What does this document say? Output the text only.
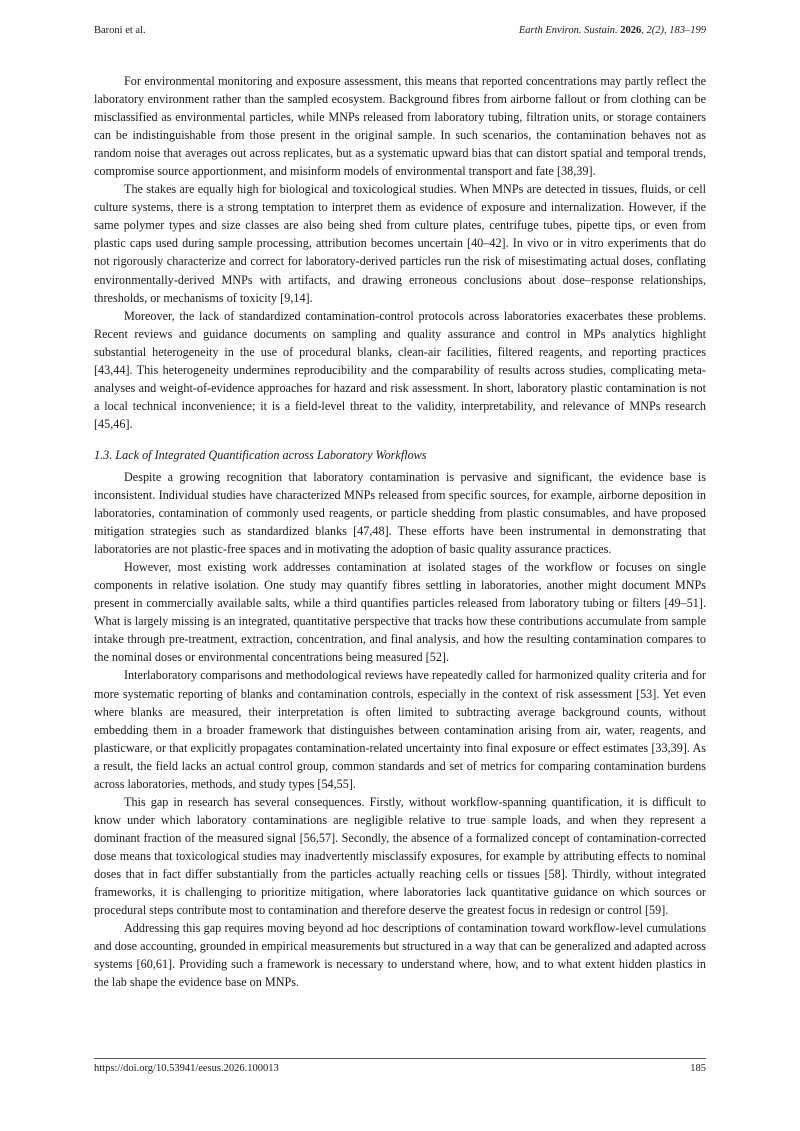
Baroni et al.	Earth Environ. Sustain. 2026, 2(2), 183–199

For environmental monitoring and exposure assessment, this means that reported concentrations may partly reflect the laboratory environment rather than the sampled ecosystem. Background fibres from airborne fallout or from clothing can be misclassified as environmental particles, while MNPs released from laboratory tubing, filtration units, or storage containers can be indistinguishable from those present in the original sample. In such scenarios, the contamination behaves not as random noise that averages out across replicates, but as a systematic upward bias that can distort spatial and temporal trends, compromise source apportionment, and misinform models of environmental transport and fate [38,39].

The stakes are equally high for biological and toxicological studies. When MNPs are detected in tissues, fluids, or cell culture systems, there is a strong temptation to interpret them as evidence of exposure and internalization. However, if the same polymer types and size classes are also being shed from culture plates, centrifuge tubes, pipette tips, or even from plastic caps used during sample processing, attribution becomes uncertain [40–42]. In vivo or in vitro experiments that do not rigorously characterize and correct for laboratory-derived particles run the risk of misestimating actual doses, conflating environmentally-derived MNPs with artifacts, and drawing erroneous conclusions about dose–response relationships, thresholds, or mechanisms of toxicity [9,14].

Moreover, the lack of standardized contamination-control protocols across laboratories exacerbates these problems. Recent reviews and guidance documents on sampling and quality assurance and control in MPs analytics highlight substantial heterogeneity in the use of procedural blanks, clean-air facilities, filtered reagents, and reporting practices [43,44]. This heterogeneity undermines reproducibility and the comparability of results across studies, complicating meta-analyses and weight-of-evidence approaches for hazard and risk assessment. In short, laboratory plastic contamination is not a local technical inconvenience; it is a field-level threat to the validity, interpretability, and relevance of MNPs research [45,46].

1.3. Lack of Integrated Quantification across Laboratory Workflows

Despite a growing recognition that laboratory contamination is pervasive and significant, the evidence base is inconsistent. Individual studies have characterized MNPs released from specific sources, for example, airborne deposition in laboratories, contamination of commonly used reagents, or particle shedding from plastic consumables, and have proposed mitigation strategies such as standardized blanks [47,48]. These efforts have been instrumental in demonstrating that laboratories are not plastic-free spaces and in motivating the adoption of basic quality assurance practices.

However, most existing work addresses contamination at isolated stages of the workflow or focuses on single components in relative isolation. One study may quantify fibres settling in laboratories, another might document MNPs present in commercially available salts, while a third quantifies particles released from laboratory tubing or filters [49–51]. What is largely missing is an integrated, quantitative perspective that tracks how these contributions accumulate from sample intake through pre-treatment, extraction, concentration, and final analysis, and how the resulting contamination compares to the nominal doses or environmental concentrations being measured [52].

Interlaboratory comparisons and methodological reviews have repeatedly called for harmonized quality criteria and for more systematic reporting of blanks and contamination controls, especially in the context of risk assessment [53]. Yet even where blanks are measured, their interpretation is often limited to subtracting average background counts, without embedding them in a broader framework that distinguishes between contamination arising from air, water, reagents, and plasticware, or that explicitly propagates contamination-related uncertainty into final exposure or effect estimates [33,39]. As a result, the field lacks an actual control group, common standards and set of metrics for comparing contamination burdens across laboratories, methods, and study types [54,55].

This gap in research has several consequences. Firstly, without workflow-spanning quantification, it is difficult to know under which laboratory contaminations are negligible relative to true sample loads, and when they represent a dominant fraction of the measured signal [56,57]. Secondly, the absence of a formalized concept of contamination-corrected dose means that toxicological studies may inadvertently misclassify exposures, for example by attributing effects to nominal doses that in fact differ substantially from the particles actually reaching cells or tissues [58]. Thirdly, without integrated frameworks, it is challenging to prioritize mitigation, where laboratories lack quantitative guidance on which sources or procedural steps contribute most to contamination and therefore deserve the greatest focus in redesign or control [59].

Addressing this gap requires moving beyond ad hoc descriptions of contamination toward workflow-level cumulations and dose accounting, grounded in empirical measurements but structured in a way that can be generalized and adapted across systems [60,61]. Providing such a framework is necessary to understand where, how, and to what extent hidden plastics in the lab shape the evidence base on MNPs.

https://doi.org/10.53941/eesus.2026.100013	185
